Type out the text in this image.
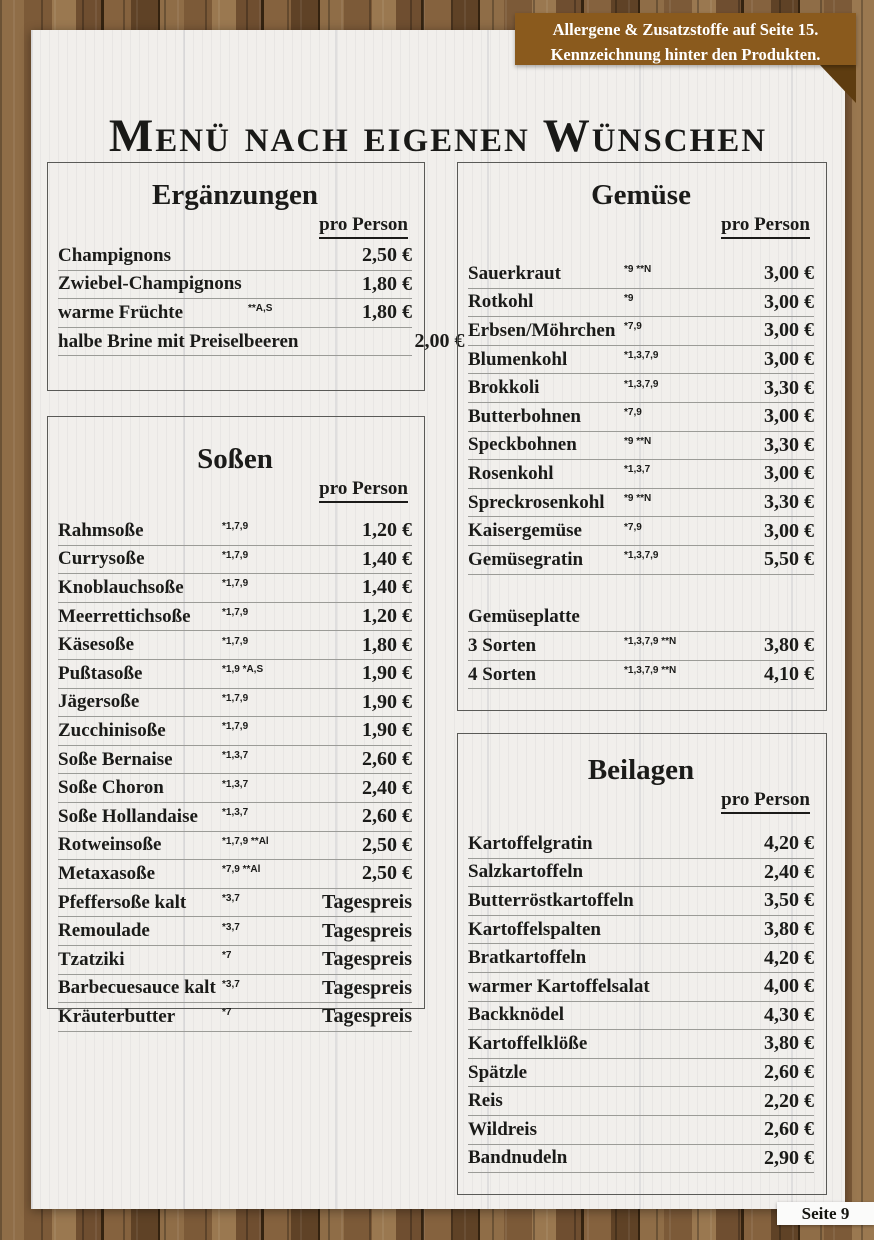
Allergene & Zusatzstoffe auf Seite 15.
Kennzeichnung hinter den Produkten.
Menü nach eigenen Wünschen
Ergänzungen
pro Person
Champignons	2,50 €
Zwiebel-Champignons	1,80 €
warme Früchte	**A,S	1,80 €
halbe Brine mit Preiselbeeren	2,00 €
Soßen
pro Person
Rahmsoße	*1,7,9	1,20 €
Currysoße	*1,7,9	1,40 €
Knoblauchsoße	*1,7,9	1,40 €
Meerrettichsoße	*1,7,9	1,20 €
Käsesoße	*1,7,9	1,80 €
Pußtasoße	*1,9 *A,S	1,90 €
Jägersoße	*1,7,9	1,90 €
Zucchinisoße	*1,7,9	1,90 €
Soße Bernaise	*1,3,7	2,60 €
Soße Choron	*1,3,7	2,40 €
Soße Hollandaise	*1,3,7	2,60 €
Rotweinsoße	*1,7,9 **Al	2,50 €
Metaxasoße	*7,9 **Al	2,50 €
Pfeffersoße kalt	*3,7	Tagespreis
Remoulade	*3,7	Tagespreis
Tzatziki	*7	Tagespreis
Barbecuesauce kalt *3,7	Tagespreis
Kräuterbutter	*7	Tagespreis
Gemüse
pro Person
Sauerkraut	*9 **N	3,00 €
Rotkohl	*9	3,00 €
Erbsen/Möhrchen *7,9	3,00 €
Blumenkohl	*1,3,7,9	3,00 €
Brokkoli	*1,3,7,9	3,30 €
Butterbohnen	*7,9	3,00 €
Speckbohnen	*9 **N	3,30 €
Rosenkohl	*1,3,7	3,00 €
Spreckrosenkohl	*9 **N	3,30 €
Kaisergemüse	*7,9	3,00 €
Gemüsegratin	*1,3,7,9	5,50 €
Gemüseplatte
3 Sorten	*1,3,7,9 **N	3,80 €
4 Sorten	*1,3,7,9 **N	4,10 €
Beilagen
pro Person
Kartoffelgratin	4,20 €
Salzkartoffeln	2,40 €
Butterröstkartoffeln	3,50 €
Kartoffelspalten	3,80 €
Bratkartoffeln	4,20 €
warmer Kartoffelsalat	4,00 €
Backknödel	4,30 €
Kartoffelklöße	3,80 €
Spätzle	2,60 €
Reis	2,20 €
Wildreis	2,60 €
Bandnudeln	2,90 €
Seite 9
